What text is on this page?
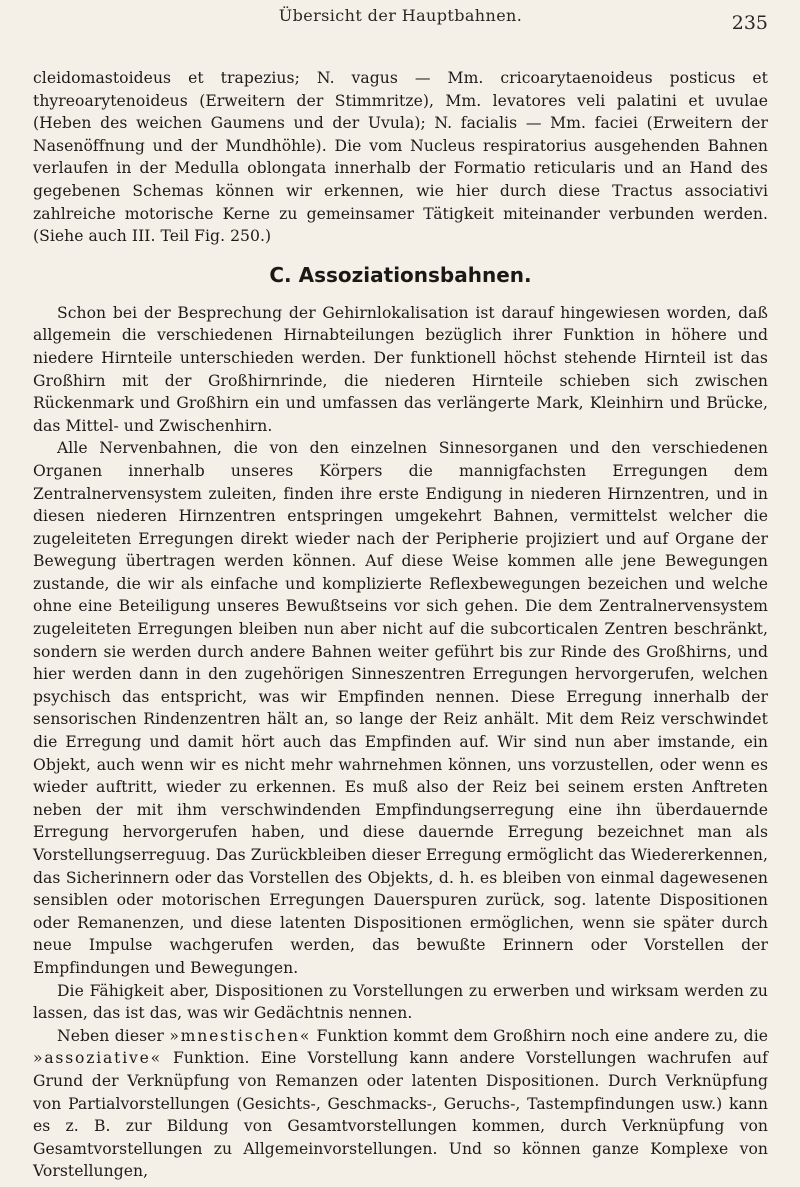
Übersicht der Hauptbahnen.	235

cleidomastoideus et trapezius; N. vagus — Mm. cricoarytaenoideus posticus et thyreoarytenoideus (Erweitern der Stimmritze), Mm. levatores veli palatini et uvulae (Heben des weichen Gaumens und der Uvula); N. facialis — Mm. faciei (Erweitern der Nasenöffnung und der Mundhöhle). Die vom Nucleus respiratorius ausgehenden Bahnen verlaufen in der Medulla oblongata innerhalb der Formatio reticularis und an Hand des gegebenen Schemas können wir erkennen, wie hier durch diese Tractus associativi zahlreiche motorische Kerne zu gemeinsamer Tätigkeit miteinander verbunden werden. (Siehe auch III. Teil Fig. 250.)

C. Assoziationsbahnen.

Schon bei der Besprechung der Gehirnlokalisation ist darauf hingewiesen worden, daß allgemein die verschiedenen Hirnabteilungen bezüglich ihrer Funktion in höhere und niedere Hirnteile unterschieden werden. Der funktionell höchst stehende Hirnteil ist das Großhirn mit der Großhirnrinde, die niederen Hirnteile schieben sich zwischen Rückenmark und Großhirn ein und umfassen das verlängerte Mark, Kleinhirn und Brücke, das Mittel- und Zwischenhirn.

Alle Nervenbahnen, die von den einzelnen Sinnesorganen und den verschiedenen Organen innerhalb unseres Körpers die mannigfachsten Erregungen dem Zentralnervensystem zuleiten, finden ihre erste Endigung in niederen Hirnzentren, und in diesen niederen Hirnzentren entspringen umgekehrt Bahnen, vermittelst welcher die zugeleiteten Erregungen direkt wieder nach der Peripherie projiziert und auf Organe der Bewegung übertragen werden können. Auf diese Weise kommen alle jene Bewegungen zustande, die wir als einfache und komplizierte Reflexbewegungen bezeichen und welche ohne eine Beteiligung unseres Bewußtseins vor sich gehen. Die dem Zentralnervensystem zugeleiteten Erregungen bleiben nun aber nicht auf die subcorticalen Zentren beschränkt, sondern sie werden durch andere Bahnen weiter geführt bis zur Rinde des Großhirns, und hier werden dann in den zugehörigen Sinneszentren Erregungen hervorgerufen, welchen psychisch das entspricht, was wir Empfinden nennen. Diese Erregung innerhalb der sensorischen Rindenzentren hält an, so lange der Reiz anhält. Mit dem Reiz verschwindet die Erregung und damit hört auch das Empfinden auf. Wir sind nun aber imstande, ein Objekt, auch wenn wir es nicht mehr wahrnehmen können, uns vorzustellen, oder wenn es wieder auftritt, wieder zu erkennen. Es muß also der Reiz bei seinem ersten Anftreten neben der mit ihm verschwindenden Empfindungserregung eine ihn überdauernde Erregung hervorgerufen haben, und diese dauernde Erregung bezeichnet man als Vorstellungserreguug. Das Zurückbleiben dieser Erregung ermöglicht das Wiedererkennen, das Sicherinnern oder das Vorstellen des Objekts, d. h. es bleiben von einmal dagewesenen sensiblen oder motorischen Erregungen Dauerspuren zurück, sog. latente Dispositionen oder Remanenzen, und diese latenten Dispositionen ermöglichen, wenn sie später durch neue Impulse wachgerufen werden, das bewußte Erinnern oder Vorstellen der Empfindungen und Bewegungen.

Die Fähigkeit aber, Dispositionen zu Vorstellungen zu erwerben und wirksam werden zu lassen, das ist das, was wir Gedächtnis nennen.

Neben dieser »mnestischen« Funktion kommt dem Großhirn noch eine andere zu, die »assoziative« Funktion. Eine Vorstellung kann andere Vorstellungen wachrufen auf Grund der Verknüpfung von Remanzen oder latenten Dispositionen. Durch Verknüpfung von Partialvorstellungen (Gesichts-, Geschmacks-, Geruchs-, Tastempfindungen usw.) kann es z. B. zur Bildung von Gesamtvorstellungen kommen, durch Verknüpfung von Gesamtvorstellungen zu Allgemeinvorstellungen. Und so können ganze Komplexe von Vorstellungen,
